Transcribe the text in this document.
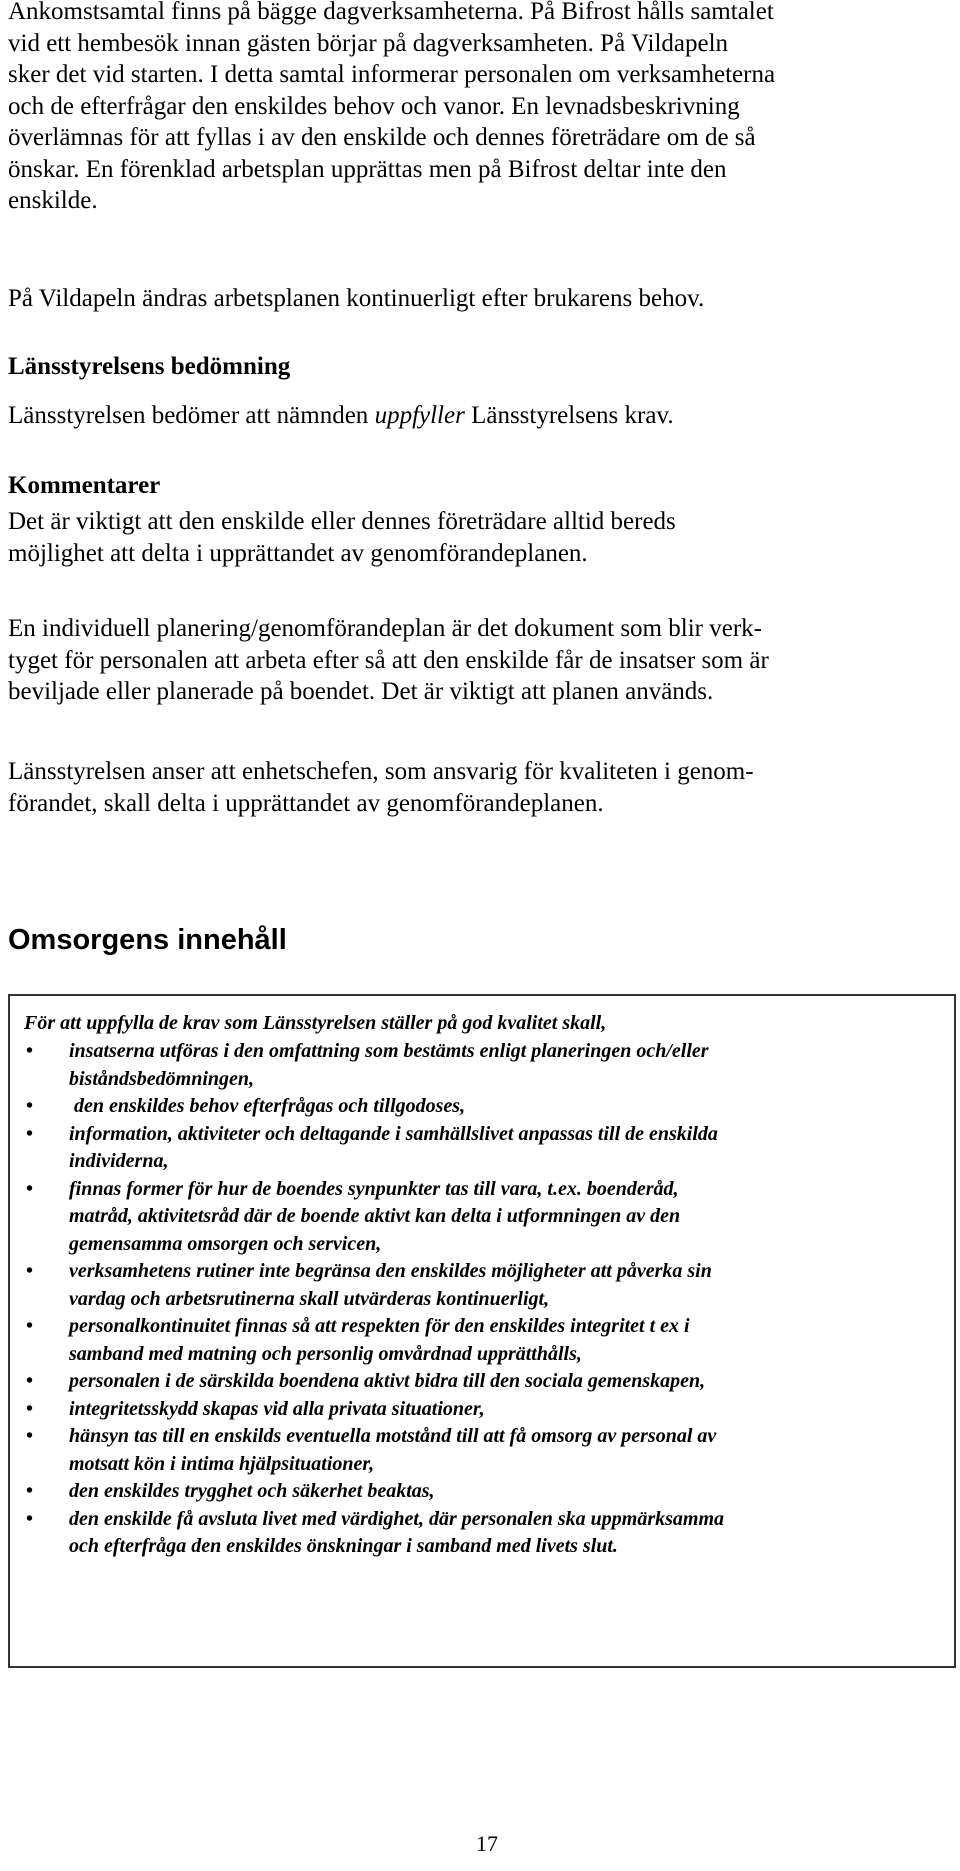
Ankomstsamtal finns på bägge dagverksamheterna. På Bifrost hålls samtalet

vid ett hembesök innan gästen börjar på dagverksamheten. På Vildapeln

sker det vid starten. I detta samtal informerar personalen om verksamheterna

och de efterfrågar den enskildes behov och vanor. En levnadsbeskrivning

överlämnas för att fyllas i av den enskilde och dennes företrädare om de så

önskar. En förenklad arbetsplan upprättas men på Bifrost deltar inte den

enskilde.

På Vildapeln ändras arbetsplanen kontinuerligt efter brukarens behov.

Länsstyrelsens bedömning

Länsstyrelsen bedömer att nämnden uppfyller Länsstyrelsens krav.

Kommentarer

Det är viktigt att den enskilde eller dennes företrädare alltid bereds

möjlighet att delta i upprättandet av genomförandeplanen.

En individuell planering/genomförandeplan är det dokument som blir verk-

tyget för personalen att arbeta efter så att den enskilde får de insatser som är

beviljade eller planerade på boendet. Det är viktigt att planen används.

Länsstyrelsen anser att enhetschefen, som ansvarig för kvaliteten i genom-

förandet, skall delta i upprättandet av genomförandeplanen.

Omsorgens innehåll

För att uppfylla de krav som Länsstyrelsen ställer på god kvalitet skall,

• insatserna utföras i den omfattning som bestämts enligt planeringen och/eller
biståndsbedömningen,
• den enskildes behov efterfrågas och tillgodoses,
• information, aktiviteter och deltagande i samhällslivet anpassas till de enskilda
individerna,
• finnas former för hur de boendes synpunkter tas till vara, t.ex. boenderåd,
matråd, aktivitetsråd där de boende aktivt kan delta i utformningen av den
gemensamma omsorgen och servicen,
• verksamhetens rutiner inte begränsa den enskildes möjligheter att påverka sin
vardag och arbetsrutinerna skall utvärderas kontinuerligt,
• personalkontinuitet finnas så att respekten för den enskildes integritet t ex i
samband med matning och personlig omvårdnad upprätthålls,
• personalen i de särskilda boendena aktivt bidra till den sociala gemenskapen,
• integritetsskydd skapas vid alla privata situationer,
• hänsyn tas till en enskilds eventuella motstånd till att få omsorg av personal av
motsatt kön i intima hjälpsituationer,
• den enskildes trygghet och säkerhet beaktas,
• den enskilde få avsluta livet med värdighet, där personalen ska uppmärksamma
och efterfråga den enskildes önskningar i samband med livets slut.

17
